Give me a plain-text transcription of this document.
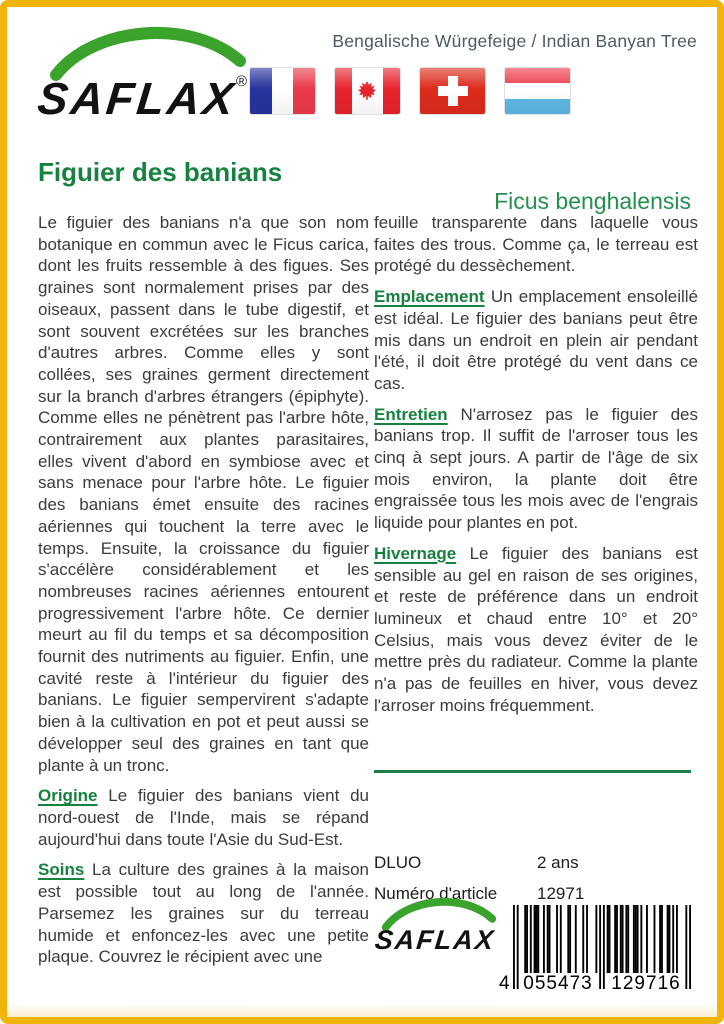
SAFLAX®
Bengalische Würgefeige / Indian Banyan Tree
Figuier des banians
Ficus benghalensis

Le figuier des banians n'a que son nom botanique en commun avec le Ficus carica, dont les fruits ressemble à des figues. Ses graines sont normalement prises par des oiseaux, passent dans le tube digestif, et sont souvent excrétées sur les branches d'autres arbres. Comme elles y sont collées, ses graines germent directement sur la branch d'arbres étrangers (épiphyte). Comme elles ne pénètrent pas l'arbre hôte, contrairement aux plantes parasitaires, elles vivent d'abord en symbiose avec et sans menace pour l'arbre hôte. Le figuier des banians émet ensuite des racines aériennes qui touchent la terre avec le temps. Ensuite, la croissance du figuier s'accélère considérablement et les nombreuses racines aériennes entourent progressivement l'arbre hôte. Ce dernier meurt au fil du temps et sa décomposition fournit des nutriments au figuier. Enfin, une cavité reste à l'intérieur du figuier des banians. Le figuier sempervirent s'adapte bien à la cultivation en pot et peut aussi se développer seul des graines en tant que plante à un tronc.

Origine Le figuier des banians vient du nord-ouest de l'Inde, mais se répand aujourd'hui dans toute l'Asie du Sud-Est.

Soins La culture des graines à la maison est possible tout au long de l'année. Parsemez les graines sur du terreau humide et enfoncez-les avec une petite plaque. Couvrez le récipient avec une

feuille transparente dans laquelle vous faites des trous. Comme ça, le terreau est protégé du dessèchement.

Emplacement Un emplacement ensoleillé est idéal. Le figuier des banians peut être mis dans un endroit en plein air pendant l'été, il doit être protégé du vent dans ce cas.

Entretien N'arrosez pas le figuier des banians trop. Il suffit de l'arroser tous les cinq à sept jours. A partir de l'âge de six mois environ, la plante doit être engraissée tous les mois avec de l'engrais liquide pour plantes en pot.

Hivernage Le figuier des banians est sensible au gel en raison de ses origines, et reste de préférence dans un endroit lumineux et chaud entre 10° et 20° Celsius, mais vous devez éviter de le mettre près du radiateur. Comme la plante n'a pas de feuilles en hiver, vous devez l'arroser moins fréquemment.

DLUO	2 ans
Numéro d'article	12971
SAFLAX
4 055473 129716
